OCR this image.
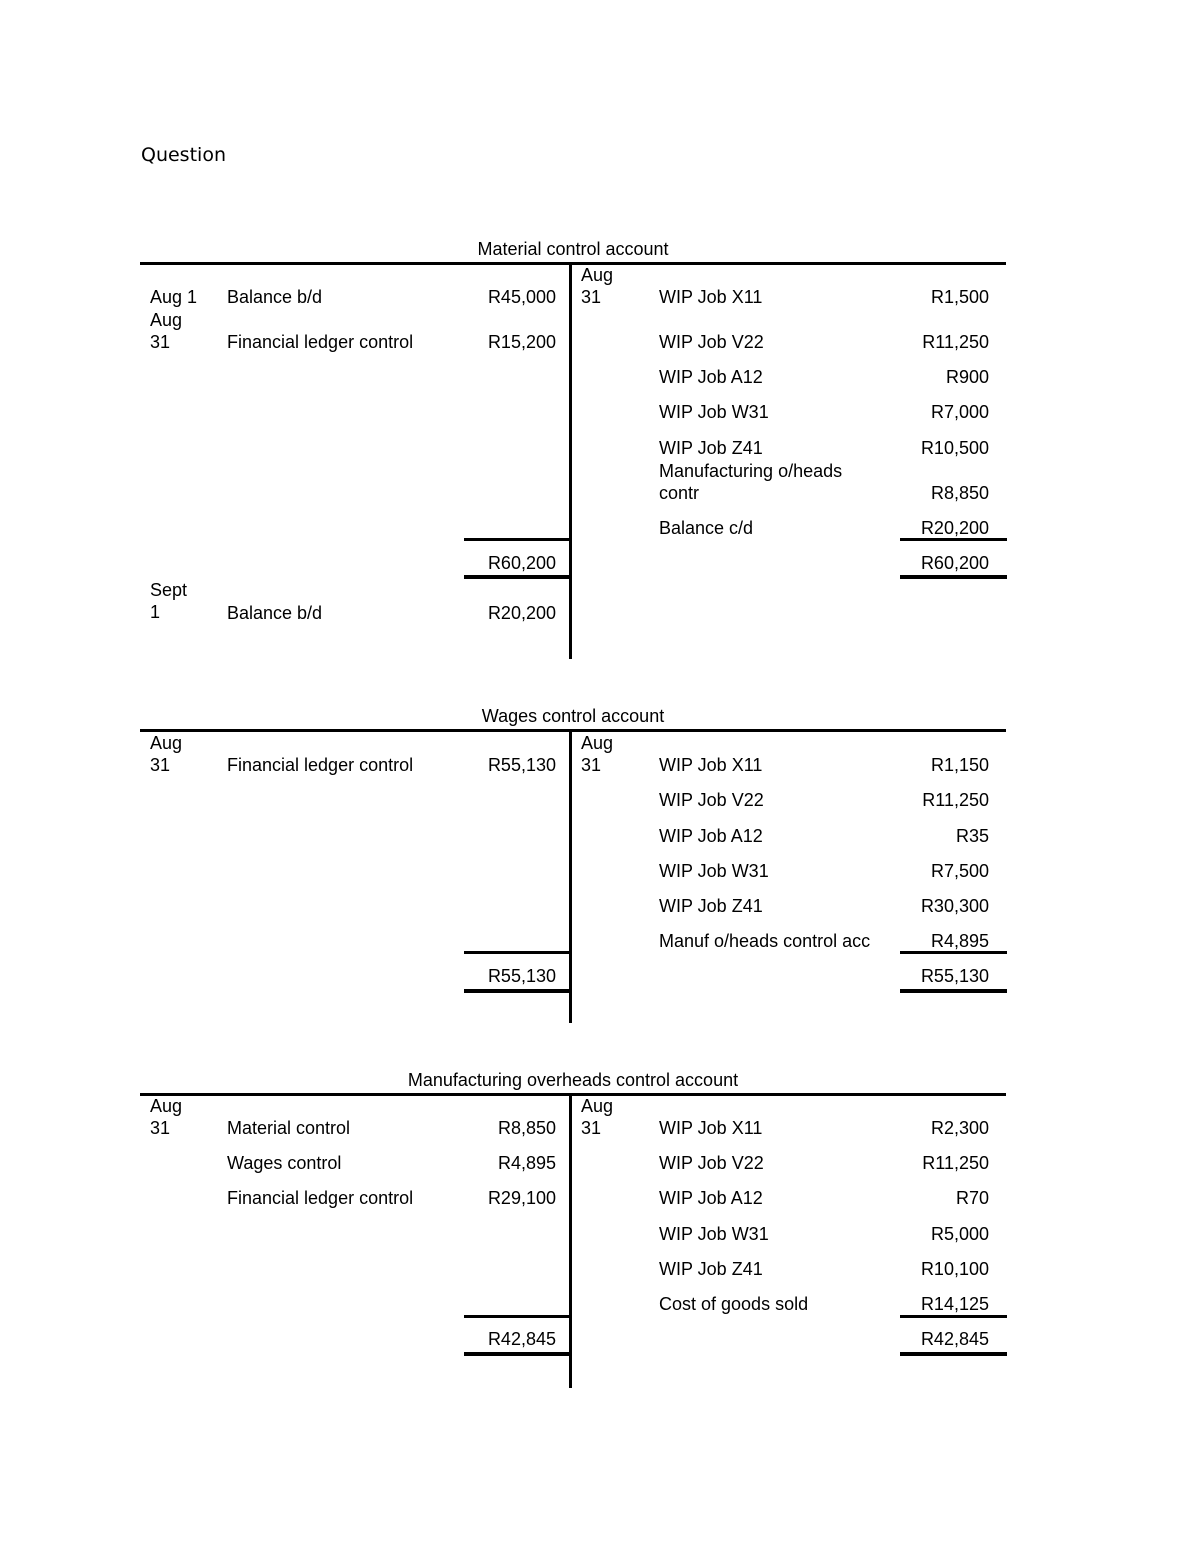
Question
Material control account
Aug 1 Balance b/d	R45,000
Aug
31	Financial ledger control	R15,200
Aug
31	WIP Job X11	R1,500
WIP Job V22	R11,250
WIP Job A12	R900
WIP Job W31	R7,000
WIP Job Z41	R10,500
Manufacturing o/heads
contr	R8,850
Balance c/d	R20,200
R60,200	R60,200
Sept
1	Balance b/d	R20,200
Wages control account
Aug
31	Financial ledger control	R55,130
Aug
31	WIP Job X11	R1,150
WIP Job V22	R11,250
WIP Job A12	R35
WIP Job W31	R7,500
WIP Job Z41	R30,300
Manuf o/heads control acc	R4,895
R55,130	R55,130
Manufacturing overheads control account
Aug
31	Material control	R8,850
Wages control	R4,895
Financial ledger control	R29,100
Aug
31	WIP Job X11	R2,300
WIP Job V22	R11,250
WIP Job A12	R70
WIP Job W31	R5,000
WIP Job Z41	R10,100
Cost of goods sold	R14,125
R42,845	R42,845
